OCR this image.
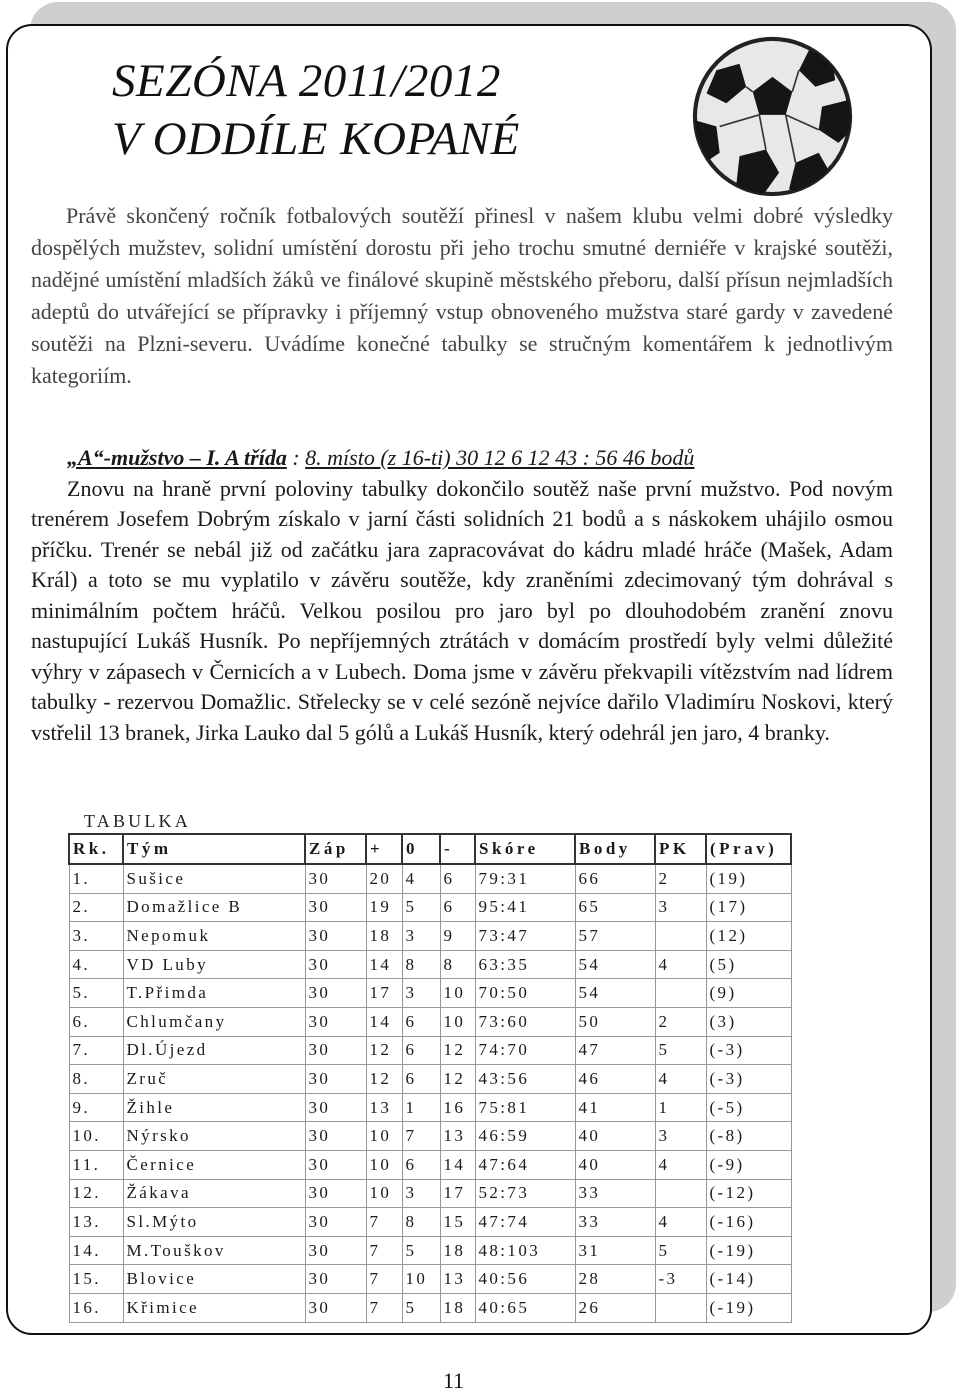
SEZÓNA 2011/2012
V ODDÍLE KOPANÉ

Právě skončený ročník fotbalových soutěží přinesl v našem klubu velmi dobré výsledky dospělých mužstev, solidní umístění dorostu při jeho trochu smutné derniéře v krajské soutěži, nadějné umístění mladších žáků ve finálové skupině městského přeboru, další přísun nejmladších adeptů do utvářející se přípravky i příjemný vstup obnoveného mužstva staré gardy v zavedené soutěži na Plzni-severu. Uvádíme konečné tabulky se stručným komentářem k jednotlivým kategoriím.

„A“-mužstvo – I. A třída : 8. místo (z 16-ti) 30 12 6 12 43 : 56 46 bodů

Znovu na hraně první poloviny tabulky dokončilo soutěž naše první mužstvo. Pod novým trenérem Josefem Dobrým získalo v jarní části solidních 21 bodů a s náskokem uhájilo osmou příčku. Trenér se nebál již od začátku jara zapracovávat do kádru mladé hráče (Mašek, Adam Král) a toto se mu vyplatilo v závěru soutěže, kdy zraněními zdecimovaný tým dohrával s minimálním počtem hráčů. Velkou posilou pro jaro byl po dlouhodobém zranění znovu nastupující Lukáš Husník. Po nepříjemných ztrátách v domácím prostředí byly velmi důležité výhry v zápasech v Černicích a v Lubech. Doma jsme v závěru překvapili vítězstvím nad lídrem tabulky - rezervou Domažlic. Střelecky se v celé sezóně nejvíce dařilo Vladimíru Noskovi, který vstřelil 13 branek, Jirka Lauko dal 5 gólů a Lukáš Husník, který odehrál jen jaro, 4 branky.

TABULKA
Rk.	Tým	Záp	+	0	-	Skóre	Body	PK	(Prav)
1.	Sušice	30	20	4	6	79:31	66	2	(19)
2.	Domažlice B	30	19	5	6	95:41	65	3	(17)
3.	Nepomuk	30	18	3	9	73:47	57		(12)
4.	VD Luby	30	14	8	8	63:35	54	4	(5)
5.	T.Přimda	30	17	3	10	70:50	54		(9)
6.	Chlumčany	30	14	6	10	73:60	50	2	(3)
7.	Dl.Újezd	30	12	6	12	74:70	47	5	(-3)
8.	Zruč	30	12	6	12	43:56	46	4	(-3)
9.	Žihle	30	13	1	16	75:81	41	1	(-5)
10.	Nýrsko	30	10	7	13	46:59	40	3	(-8)
11.	Černice	30	10	6	14	47:64	40	4	(-9)
12.	Žákava	30	10	3	17	52:73	33		(-12)
13.	Sl.Mýto	30	7	8	15	47:74	33	4	(-16)
14.	M.Touškov	30	7	5	18	48:103	31	5	(-19)
15.	Blovice	30	7	10	13	40:56	28	-3	(-14)
16.	Křimice	30	7	5	18	40:65	26		(-19)
11
